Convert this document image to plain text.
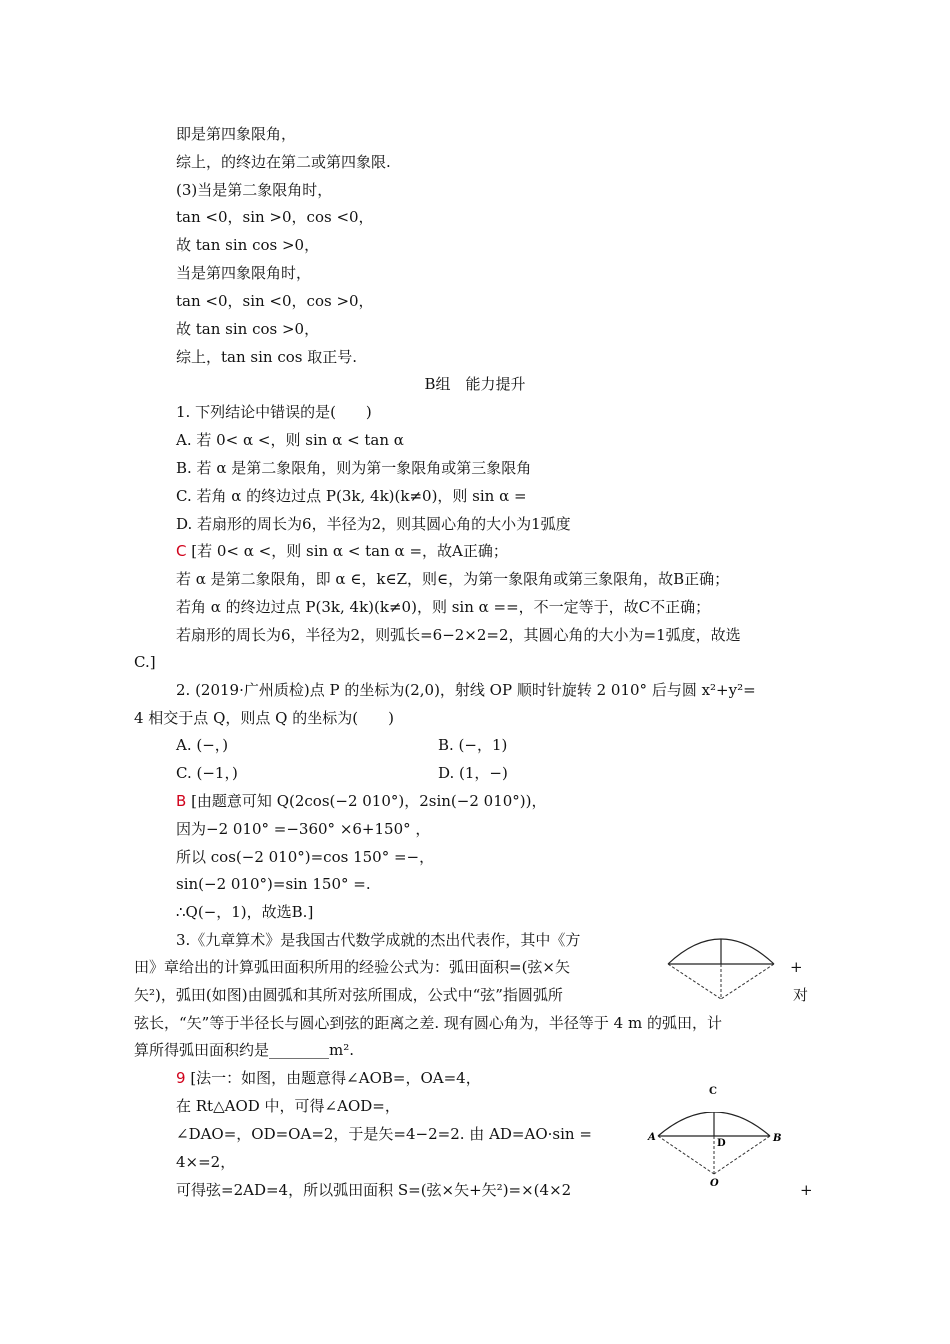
即是第四象限角，
综上，的终边在第二或第四象限.
(3)当是第二象限角时，
tan <0，sin >0，cos <0，
故 tan sin cos >0，
当是第四象限角时，
tan <0，sin <0，cos >0，
故 tan sin cos >0，
综上，tan sin cos 取正号.
B组　能力提升
1. 下列结论中错误的是(　　)
A. 若 0< α <，则 sin α < tan α
B. 若 α 是第二象限角，则为第一象限角或第三象限角
C. 若角 α 的终边过点 P(3k, 4k)(k≠0)，则 sin α =
D. 若扇形的周长为6，半径为2，则其圆心角的大小为1弧度
C [若 0< α <，则 sin α < tan α =，故A正确；
若 α 是第二象限角，即 α ∈，k∈Z，则∈，为第一象限角或第三象限角，故B正确；
若角 α 的终边过点 P(3k, 4k)(k≠0)，则 sin α ==，不一定等于，故C不正确；
若扇形的周长为6，半径为2，则弧长=6−2×2=2，其圆心角的大小为=1弧度，故选
C.]
2. (2019·广州质检)点 P 的坐标为(2,0)，射线 OP 顺时针旋转 2 010° 后与圆 x²+y²=
4 相交于点 Q，则点 Q 的坐标为(　　)
A. (−，)	B. (−，1)
C. (−1，)	D. (1，−)
B [由题意可知 Q(2cos(−2 010°)，2sin(−2 010°))，
因为−2 010° =−360° ×6+150° ，
所以 cos(−2 010°)=cos 150° =−，
sin(−2 010°)=sin 150° =.
∴Q(−，1)，故选B.]
3.《九章算术》是我国古代数学成就的杰出代表作，其中《方
田》章给出的计算弧田面积所用的经验公式为：弧田面积=(弦×矢	+
矢²)，弧田(如图)由圆弧和其所对弦所围成，公式中“弦”指圆弧所	对
弦长，“矢”等于半径长与圆心到弦的距离之差. 现有圆心角为，半径等于 4 m 的弧田，计
算所得弧田面积约是________m².
9 [法一：如图，由题意得∠AOB=，OA=4，
在 Rt△AOD 中，可得∠AOD=，
∠DAO=，OD=OA=2，于是矢=4−2=2. 由 AD=AO·sin =
4×=2，
可得弦=2AD=4，所以弧田面积 S=(弦×矢+矢²)=×(4×2	+
A	B
D
O
C
